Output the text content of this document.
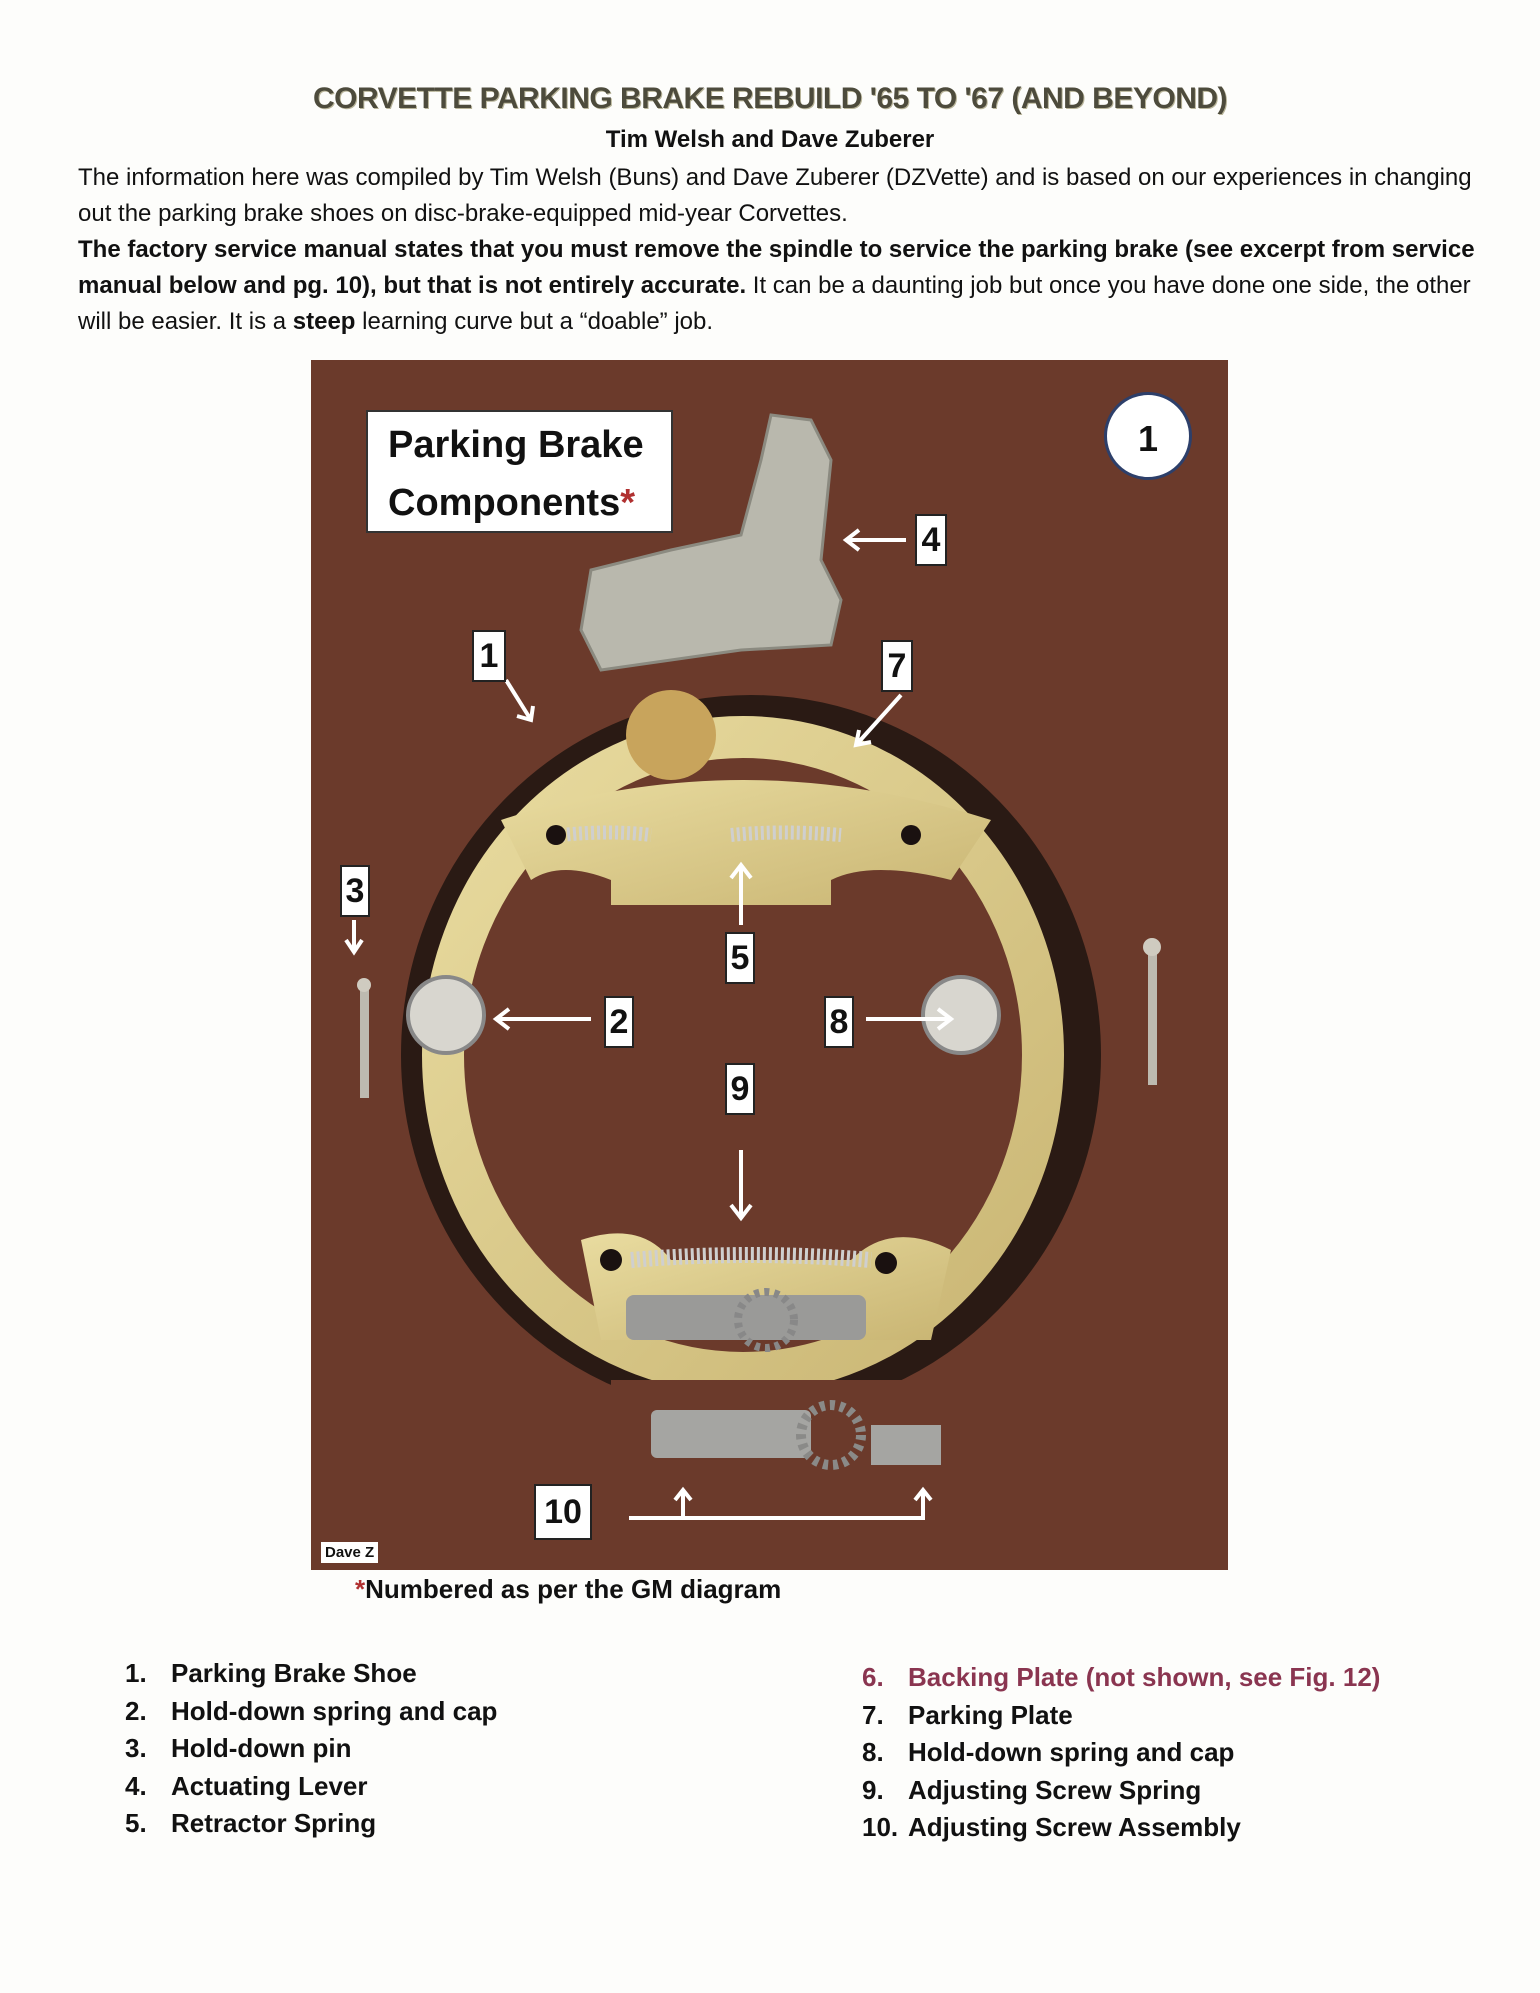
CORVETTE PARKING BRAKE REBUILD '65 TO '67 (AND BEYOND)
Tim Welsh and Dave Zuberer
The information here was compiled by Tim Welsh (Buns) and Dave Zuberer (DZVette) and is based on our experiences in changing out the parking brake shoes on disc-brake-equipped mid-year Corvettes.
The factory service manual states that you must remove the spindle to service the parking brake (see excerpt from service manual below and pg. 10), but that is not entirely accurate. It can be a daunting job but once you have done one side, the other will be easier. It is a steep learning curve but a “doable” job.
Parking Brake
Components*
1
1
2
3
4
5
7
8
9
10
Dave Z
*Numbered as per the GM diagram
1. Parking Brake Shoe
2. Hold-down spring and cap
3. Hold-down pin
4. Actuating Lever
5. Retractor Spring
6. Backing Plate (not shown, see Fig. 12)
7. Parking Plate
8. Hold-down spring and cap
9. Adjusting Screw Spring
10. Adjusting Screw Assembly
